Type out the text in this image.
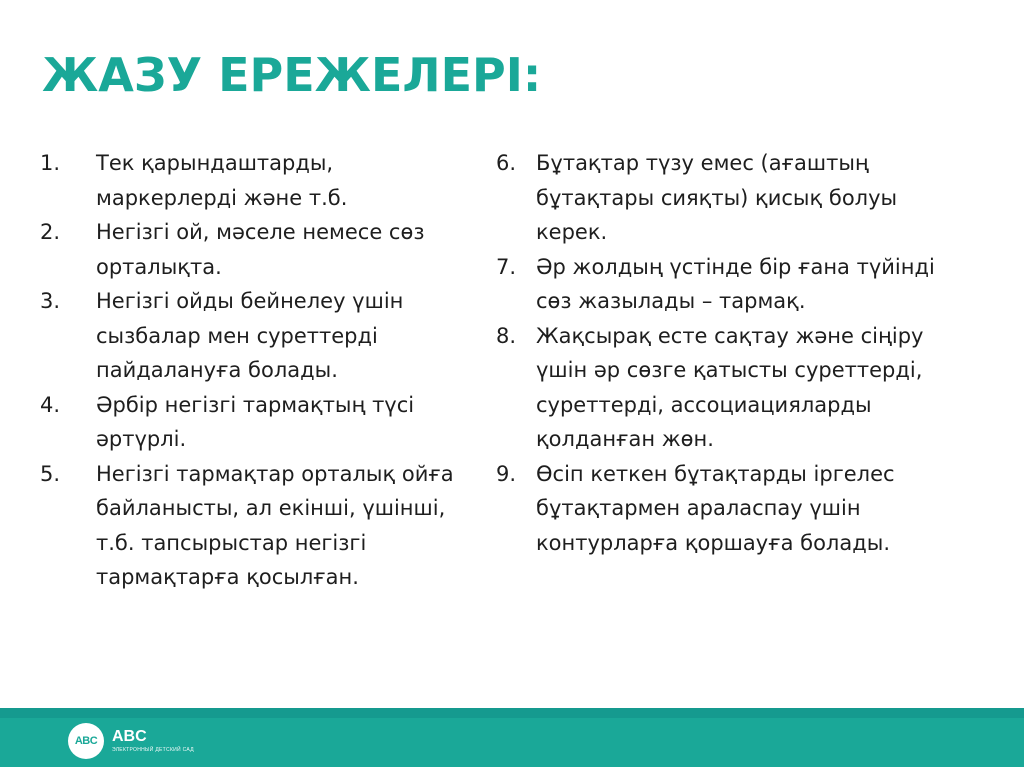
ЖАЗУ ЕРЕЖЕЛЕРІ:
1. Тек қарындаштарды, маркерлерді және т.б.
2. Негізгі ой, мәселе немесе сөз орталықта.
3. Негізгі ойды бейнелеу үшін сызбалар мен суреттерді пайдалануға болады.
4. Әрбір негізгі тармақтың түсі әртүрлі.
5. Негізгі тармақтар орталық ойға байланысты, ал екінші, үшінші, т.б. тапсырыстар негізгі тармақтарға қосылған.
6. Бұтақтар түзу емес (ағаштың бұтақтары сияқты) қисық болуы керек.
7. Әр жолдың үстінде бір ғана түйінді сөз жазылады – тармақ.
8. Жақсырақ есте сақтау және сіңіру үшін әр сөзге қатысты суреттерді, суреттерді, ассоциацияларды қолданған жөн.
9. Өсіп кеткен бұтақтарды іргелес бұтақтармен араласпау үшін контурларға қоршауға болады.
ABC ABC
ЭЛЕКТРОННЫЙ ДЕТСКИЙ САД
